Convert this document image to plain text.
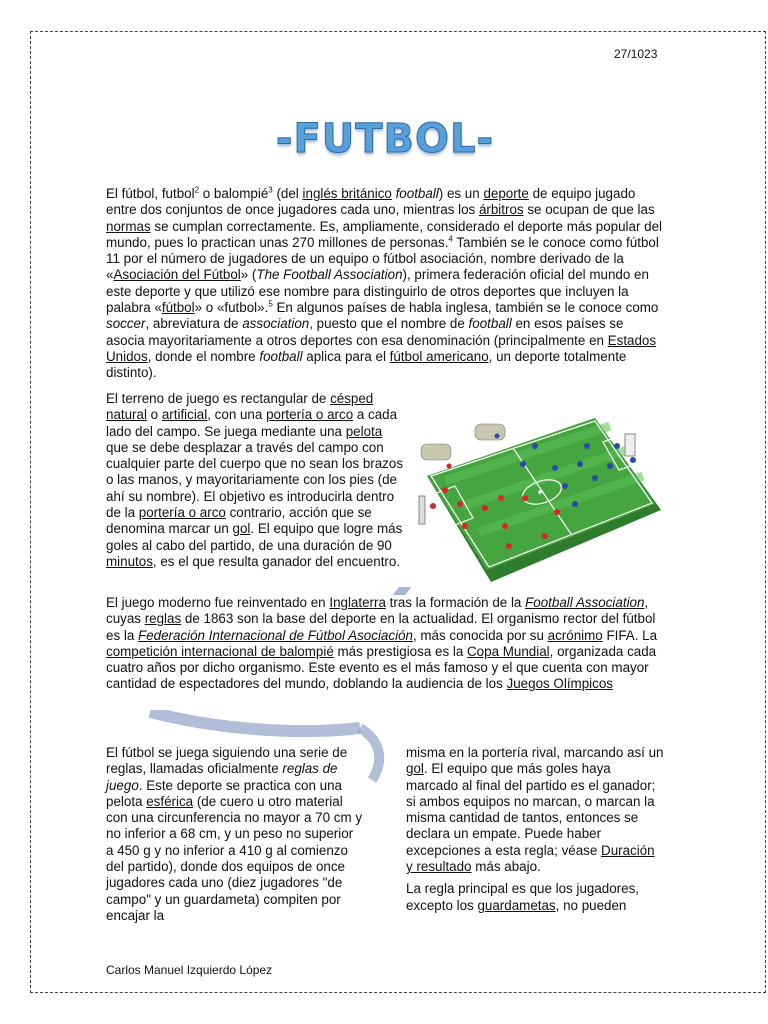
27/1023
-FUTBOL-

El fútbol, futbol$^2$ o balompié$^3$ (del inglés británico football) es un deporte de equipo jugado entre dos conjuntos de once jugadores cada uno, mientras los árbitros se ocupan de que las normas se cumplan correctamente. Es, ampliamente, considerado el deporte más popular del mundo, pues lo practican unas 270 millones de personas.$^4$ También se le conoce como fútbol 11 por el número de jugadores de un equipo o fútbol asociación, nombre derivado de la «Asociación del Fútbol» (The Football Association), primera federación oficial del mundo en este deporte y que utilizó ese nombre para distinguirlo de otros deportes que incluyen la palabra «fútbol» o «futbol».$^5$ En algunos países de habla inglesa, también se le conoce como soccer, abreviatura de association, puesto que el nombre de football en esos países se asocia mayoritariamente a otros deportes con esa denominación (principalmente en Estados Unidos, donde el nombre football aplica para el fútbol americano, un deporte totalmente distinto).

El terreno de juego es rectangular de césped natural o artificial, con una portería o arco a cada lado del campo. Se juega mediante una pelota que se debe desplazar a través del campo con cualquier parte del cuerpo que no sean los brazos o las manos, y mayoritariamente con los pies (de ahí su nombre). El objetivo es introducirla dentro de la portería o arco contrario, acción que se denomina marcar un gol. El equipo que logre más goles al cabo del partido, de una duración de 90 minutos, es el que resulta ganador del encuentro.

El juego moderno fue reinventado en Inglaterra tras la formación de la Football Association, cuyas reglas de 1863 son la base del deporte en la actualidad. El organismo rector del fútbol es la Federación Internacional de Fútbol Asociación, más conocida por su acrónimo FIFA. La competición internacional de balompié más prestigiosa es la Copa Mundial, organizada cada cuatro años por dicho organismo. Este evento es el más famoso y el que cuenta con mayor cantidad de espectadores del mundo, doblando la audiencia de los Juegos Olímpicos

El fútbol se juega siguiendo una serie de reglas, llamadas oficialmente reglas de juego. Este deporte se practica con una pelota esférica (de cuero u otro material con una circunferencia no mayor a 70 cm y no inferior a 68 cm, y un peso no superior a 450 g y no inferior a 410 g al comienzo del partido), donde dos equipos de once jugadores cada uno (diez jugadores "de campo" y un guardameta) compiten por encajar la

misma en la portería rival, marcando así un gol. El equipo que más goles haya marcado al final del partido es el ganador; si ambos equipos no marcan, o marcan la misma cantidad de tantos, entonces se declara un empate. Puede haber excepciones a esta regla; véase Duración y resultado más abajo.

La regla principal es que los jugadores, excepto los guardametas, no pueden

Carlos Manuel Izquierdo López
